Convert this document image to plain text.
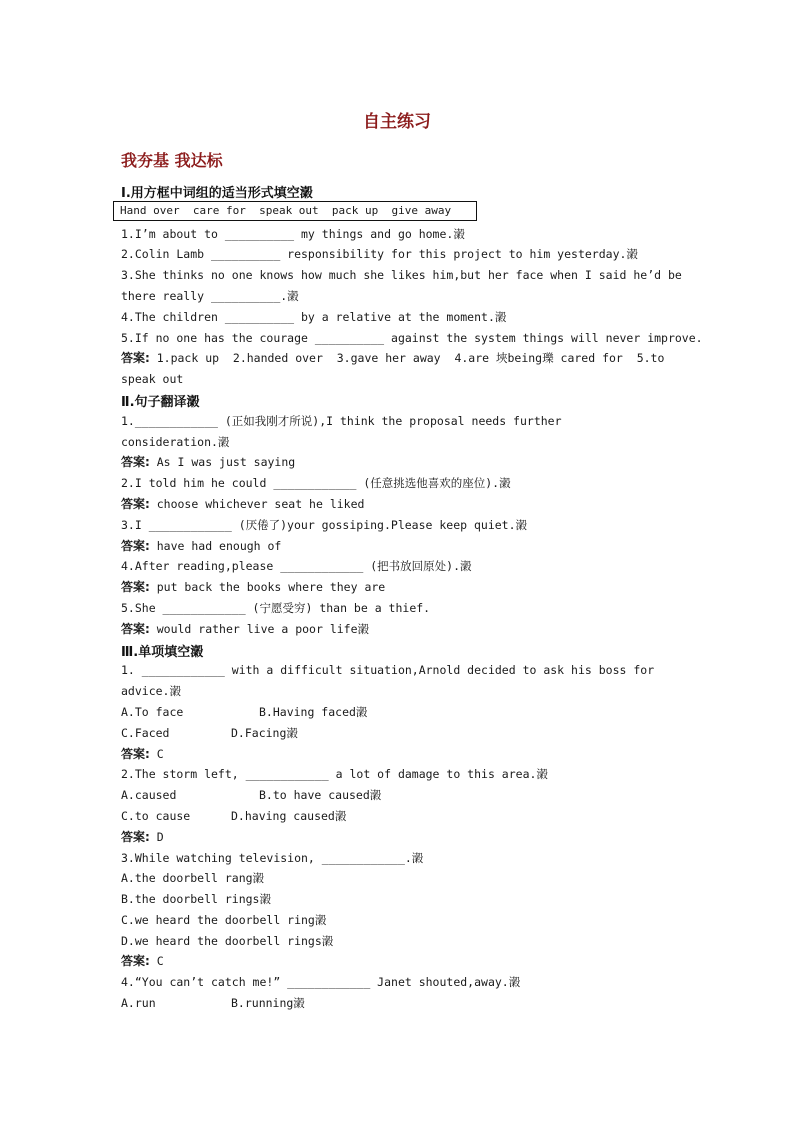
自主练习
我夯基 我达标
Ⅰ.用方框中词组的适当形式填空瀔
Hand over  care for  speak out  pack up  give away
1.I’m about to __________ my things and go home.瀔
2.Colin Lamb __________ responsibility for this project to him yesterday.瀔
3.She thinks no one knows how much she likes him,but her face when I said he’d be
there really __________.瀔
4.The children __________ by a relative at the moment.瀔
5.If no one has the courage __________ against the system things will never improve.
答案: 1.pack up  2.handed over  3.gave her away  4.are 埉being瓅 cared for  5.to
speak out
Ⅱ.句子翻译瀔
1.____________ (正如我刚才所说),I think the proposal needs further
consideration.瀔
答案: As I was just saying
2.I told him he could ____________ (任意挑选他喜欢的座位).瀔
答案: choose whichever seat he liked
3.I ____________ (厌倦了)your gossiping.Please keep quiet.瀔
答案: have had enough of
4.After reading,please ____________ (把书放回原处).瀔
答案: put back the books where they are
5.She ____________ (宁愿受穷) than be a thief.
答案: would rather live a poor life瀔
Ⅲ.单项填空瀔
1. ____________ with a difficult situation,Arnold decided to ask his boss for
advice.瀔
A.To face	B.Having faced瀔
C.Faced	D.Facing瀔
答案: C
2.The storm left, ____________ a lot of damage to this area.瀔
A.caused	B.to have caused瀔
C.to cause	D.having caused瀔
答案: D
3.While watching television, ____________.瀔
A.the doorbell rang瀔
B.the doorbell rings瀔
C.we heard the doorbell ring瀔
D.we heard the doorbell rings瀔
答案: C
4.“You can’t catch me!” ____________ Janet shouted,away.瀔
A.run	B.running瀔
